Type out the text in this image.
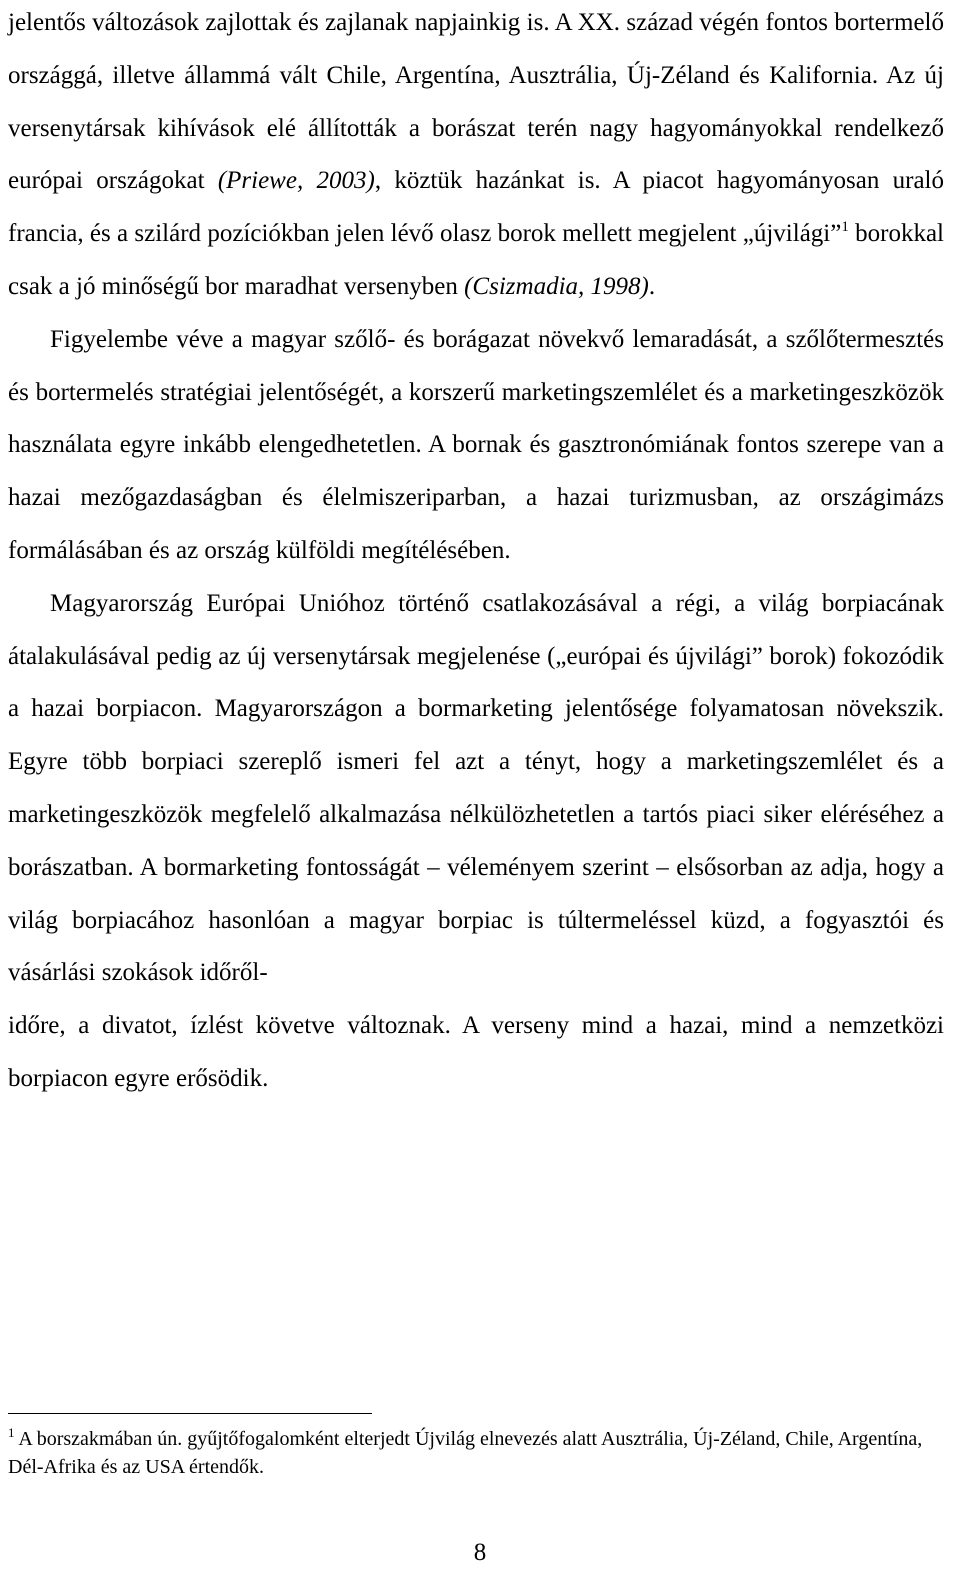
jelentős változások zajlottak és zajlanak napjainkig is. A XX. század végén fontos bortermelő országgá, illetve állammá vált Chile, Argentína, Ausztrália, Új-Zéland és Kalifornia. Az új versenytársak kihívások elé állították a borászat terén nagy hagyományokkal rendelkező európai országokat (Priewe, 2003), köztük hazánkat is. A piacot hagyományosan uraló francia, és a szilárd pozíciókban jelen lévő olasz borok mellett megjelent „újvilági”$^1$ borokkal csak a jó minőségű bor maradhat versenyben (Csizmadia, 1998).

Figyelembe véve a magyar szőlő- és borágazat növekvő lemaradását, a szőlőtermesztés és bortermelés stratégiai jelentőségét, a korszerű marketingszemlélet és a marketingeszközök használata egyre inkább elengedhetetlen. A bornak és gasztronómiának fontos szerepe van a hazai mezőgazdaságban és élelmiszeriparban, a hazai turizmusban, az országimázs formálásában és az ország külföldi megítélésében.

Magyarország Európai Unióhoz történő csatlakozásával a régi, a világ borpiacának átalakulásával pedig az új versenytársak megjelenése („európai és újvilági” borok) fokozódik a hazai borpiacon. Magyarországon a bormarketing jelentősége folyamatosan növekszik. Egyre több borpiaci szereplő ismeri fel azt a tényt, hogy a marketingszemlélet és a marketingeszközök megfelelő alkalmazása nélkülözhetetlen a tartós piaci siker eléréséhez a borászatban. A bormarketing fontosságát – véleményem szerint – elsősorban az adja, hogy a világ borpiacához hasonlóan a magyar borpiac is túltermeléssel küzd, a fogyasztói és vásárlási szokások időről-

időre, a divatot, ízlést követve változnak. A verseny mind a hazai, mind a nemzetközi borpiacon egyre erősödik.

$^1$ A borszakmában ún. gyűjtőfogalomként elterjedt Újvilág elnevezés alatt Ausztrália, Új-Zéland, Chile, Argentína, Dél-Afrika és az USA értendők.

8
